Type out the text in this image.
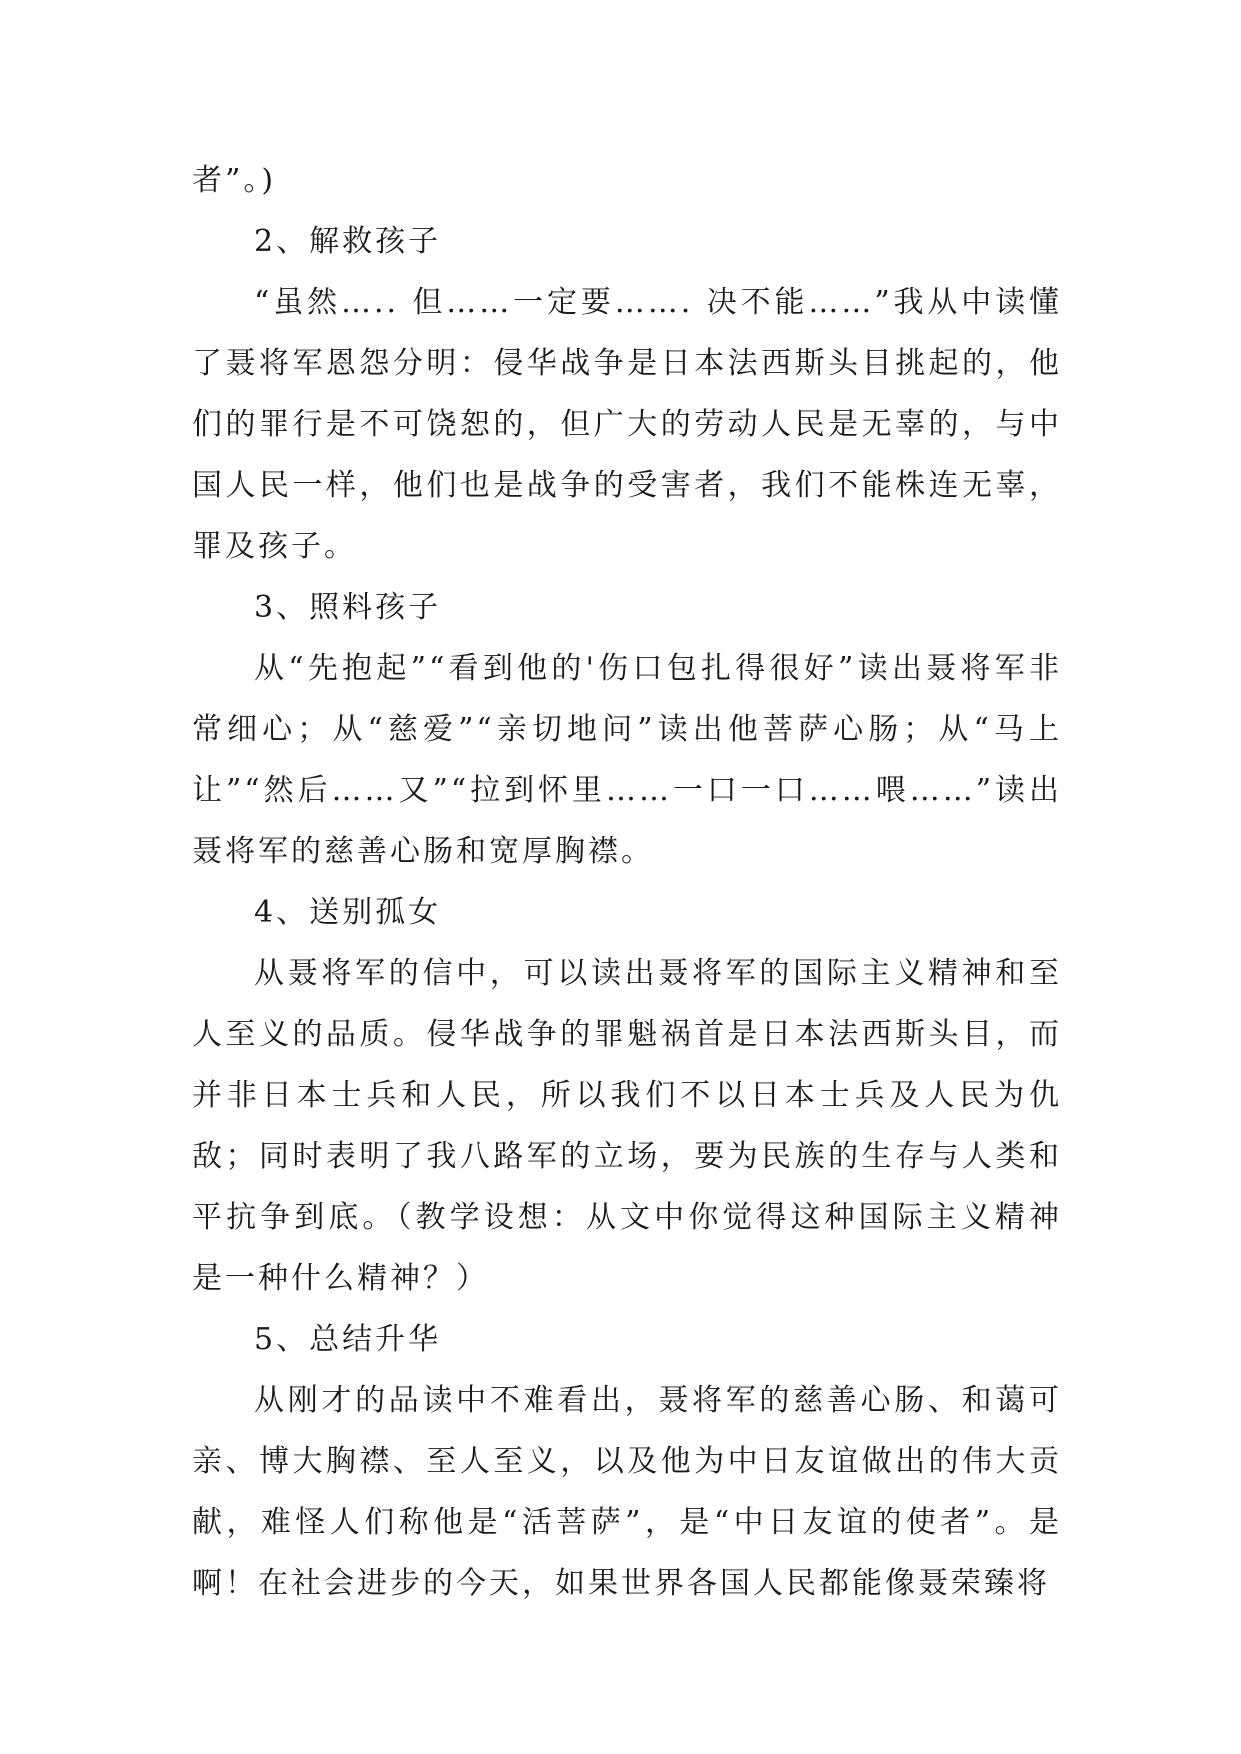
者”。)

2、解救孩子

“虽然….. 但……一定要……. 决不能……”我从中读懂了聂将军恩怨分明：侵华战争是日本法西斯头目挑起的，他们的罪行是不可饶恕的，但广大的劳动人民是无辜的，与中国人民一样，他们也是战争的受害者，我们不能株连无辜，罪及孩子。

3、照料孩子

从“先抱起”“看到他的'伤口包扎得很好”读出聂将军非常细心；从“慈爱”“亲切地问”读出他菩萨心肠；从“马上让”“然后……又”“拉到怀里……一口一口……喂……”读出聂将军的慈善心肠和宽厚胸襟。

4、送别孤女

从聂将军的信中，可以读出聂将军的国际主义精神和至人至义的品质。侵华战争的罪魁祸首是日本法西斯头目，而并非日本士兵和人民，所以我们不以日本士兵及人民为仇敌；同时表明了我八路军的立场，要为民族的生存与人类和平抗争到底。（教学设想：从文中你觉得这种国际主义精神是一种什么精神？）

5、总结升华

从刚才的品读中不难看出，聂将军的慈善心肠、和蔼可亲、博大胸襟、至人至义，以及他为中日友谊做出的伟大贡献，难怪人们称他是“活菩萨”，是“中日友谊的使者”。是啊！在社会进步的今天，如果世界各国人民都能像聂荣臻将
